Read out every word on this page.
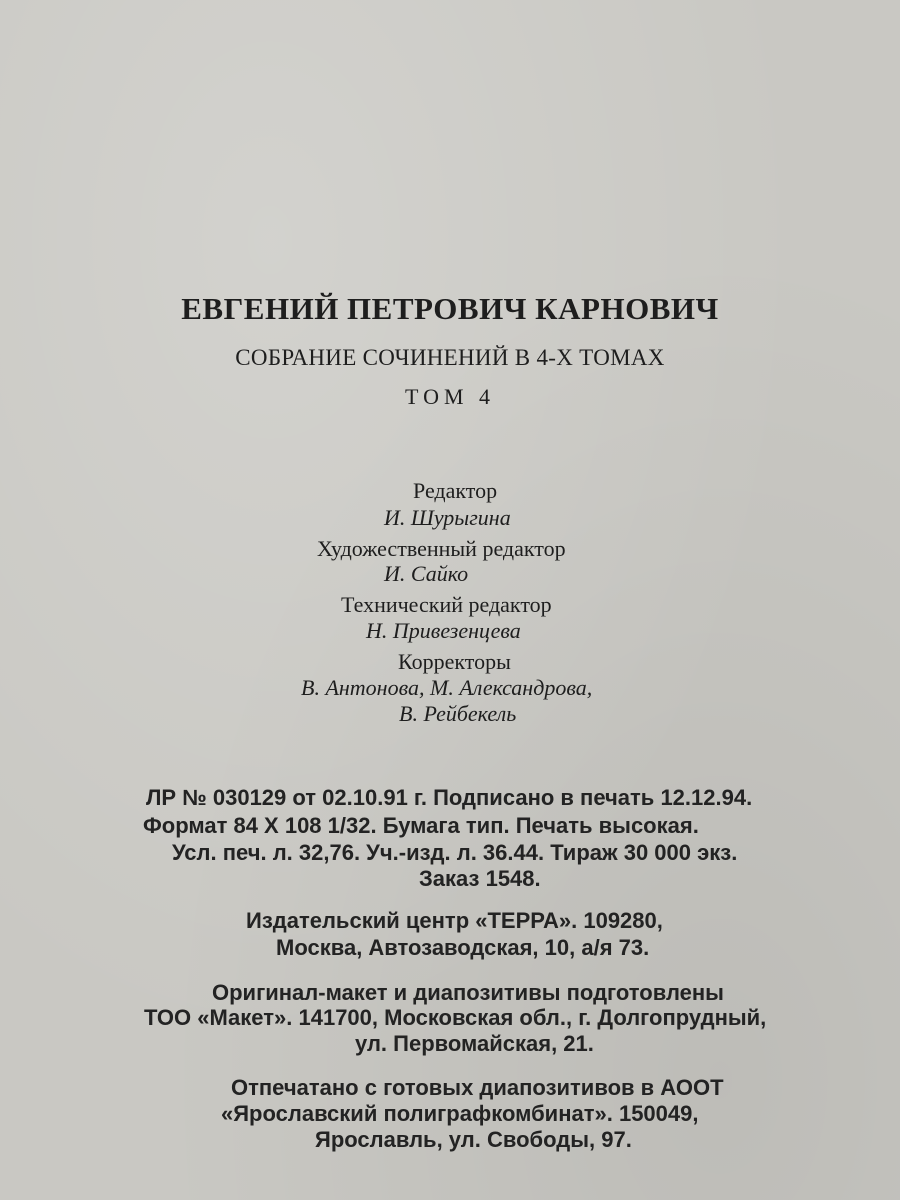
ЕВГЕНИЙ ПЕТРОВИЧ КАРНОВИЧ
СОБРАНИЕ СОЧИНЕНИЙ В 4-Х ТОМАХ
ТОМ 4
Редактор
И. Шурыгина
Художественный редактор
И. Сайко
Технический редактор
Н. Привезенцева
Корректоры
В. Антонова, М. Александрова,
В. Рейбекель
ЛР № 030129 от 02.10.91 г. Подписано в печать 12.12.94.
Формат 84 X 108 1/32. Бумага тип. Печать высокая.
Усл. печ. л. 32,76. Уч.-изд. л. 36.44. Тираж 30 000 экз.
Заказ 1548.
Издательский центр «ТЕРРА». 109280,
Москва, Автозаводская, 10, а/я 73.
Оригинал-макет и диапозитивы подготовлены
ТОО «Макет». 141700, Московская обл., г. Долгопрудный,
ул. Первомайская, 21.
Отпечатано с готовых диапозитивов в АООТ
«Ярославский полиграфкомбинат». 150049,
Ярославль, ул. Свободы, 97.
